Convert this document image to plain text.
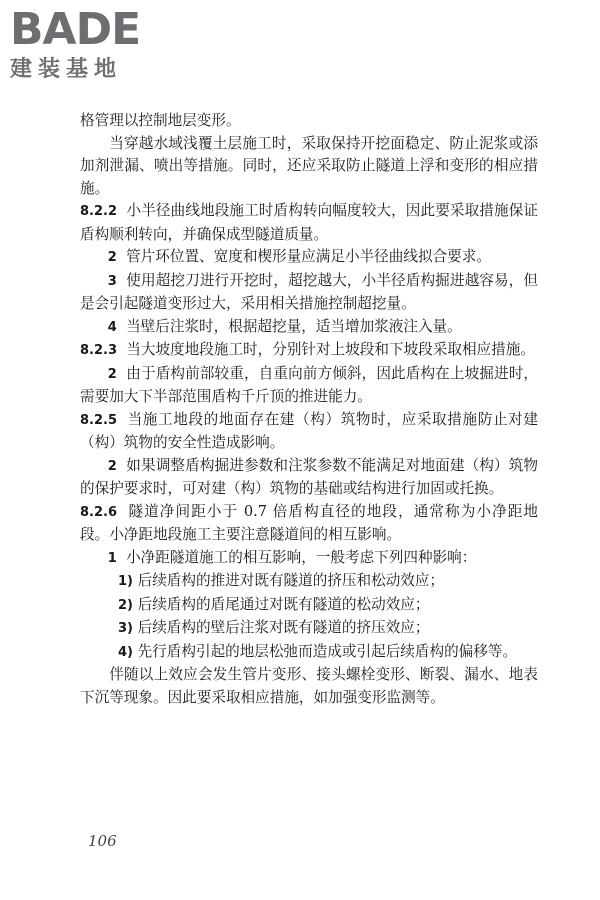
BADE
建装基地

格管理以控制地层变形。

当穿越水域浅覆土层施工时，采取保持开挖面稳定、防止泥浆或添加剂泄漏、喷出等措施。同时，还应采取防止隧道上浮和变形的相应措施。

8.2.2 小半径曲线地段施工时盾构转向幅度较大，因此要采取措施保证盾构顺利转向，并确保成型隧道质量。

2 管片环位置、宽度和楔形量应满足小半径曲线拟合要求。

3 使用超挖刀进行开挖时，超挖越大，小半径盾构掘进越容易，但是会引起隧道变形过大，采用相关措施控制超挖量。

4 当壁后注浆时，根据超挖量，适当增加浆液注入量。

8.2.3 当大坡度地段施工时，分别针对上坡段和下坡段采取相应措施。

2 由于盾构前部较重，自重向前方倾斜，因此盾构在上坡掘进时，需要加大下半部范围盾构千斤顶的推进能力。

8.2.5 当施工地段的地面存在建（构）筑物时，应采取措施防止对建（构）筑物的安全性造成影响。

2 如果调整盾构掘进参数和注浆参数不能满足对地面建（构）筑物的保护要求时，可对建（构）筑物的基础或结构进行加固或托换。

8.2.6 隧道净间距小于 0.7 倍盾构直径的地段，通常称为小净距地段。小净距地段施工主要注意隧道间的相互影响。

1 小净距隧道施工的相互影响，一般考虑下列四种影响：

1) 后续盾构的推进对既有隧道的挤压和松动效应；

2) 后续盾构的盾尾通过对既有隧道的松动效应；

3) 后续盾构的壁后注浆对既有隧道的挤压效应；

4) 先行盾构引起的地层松弛而造成或引起后续盾构的偏移等。

伴随以上效应会发生管片变形、接头螺栓变形、断裂、漏水、地表下沉等现象。因此要采取相应措施，如加强变形监测等。

106
